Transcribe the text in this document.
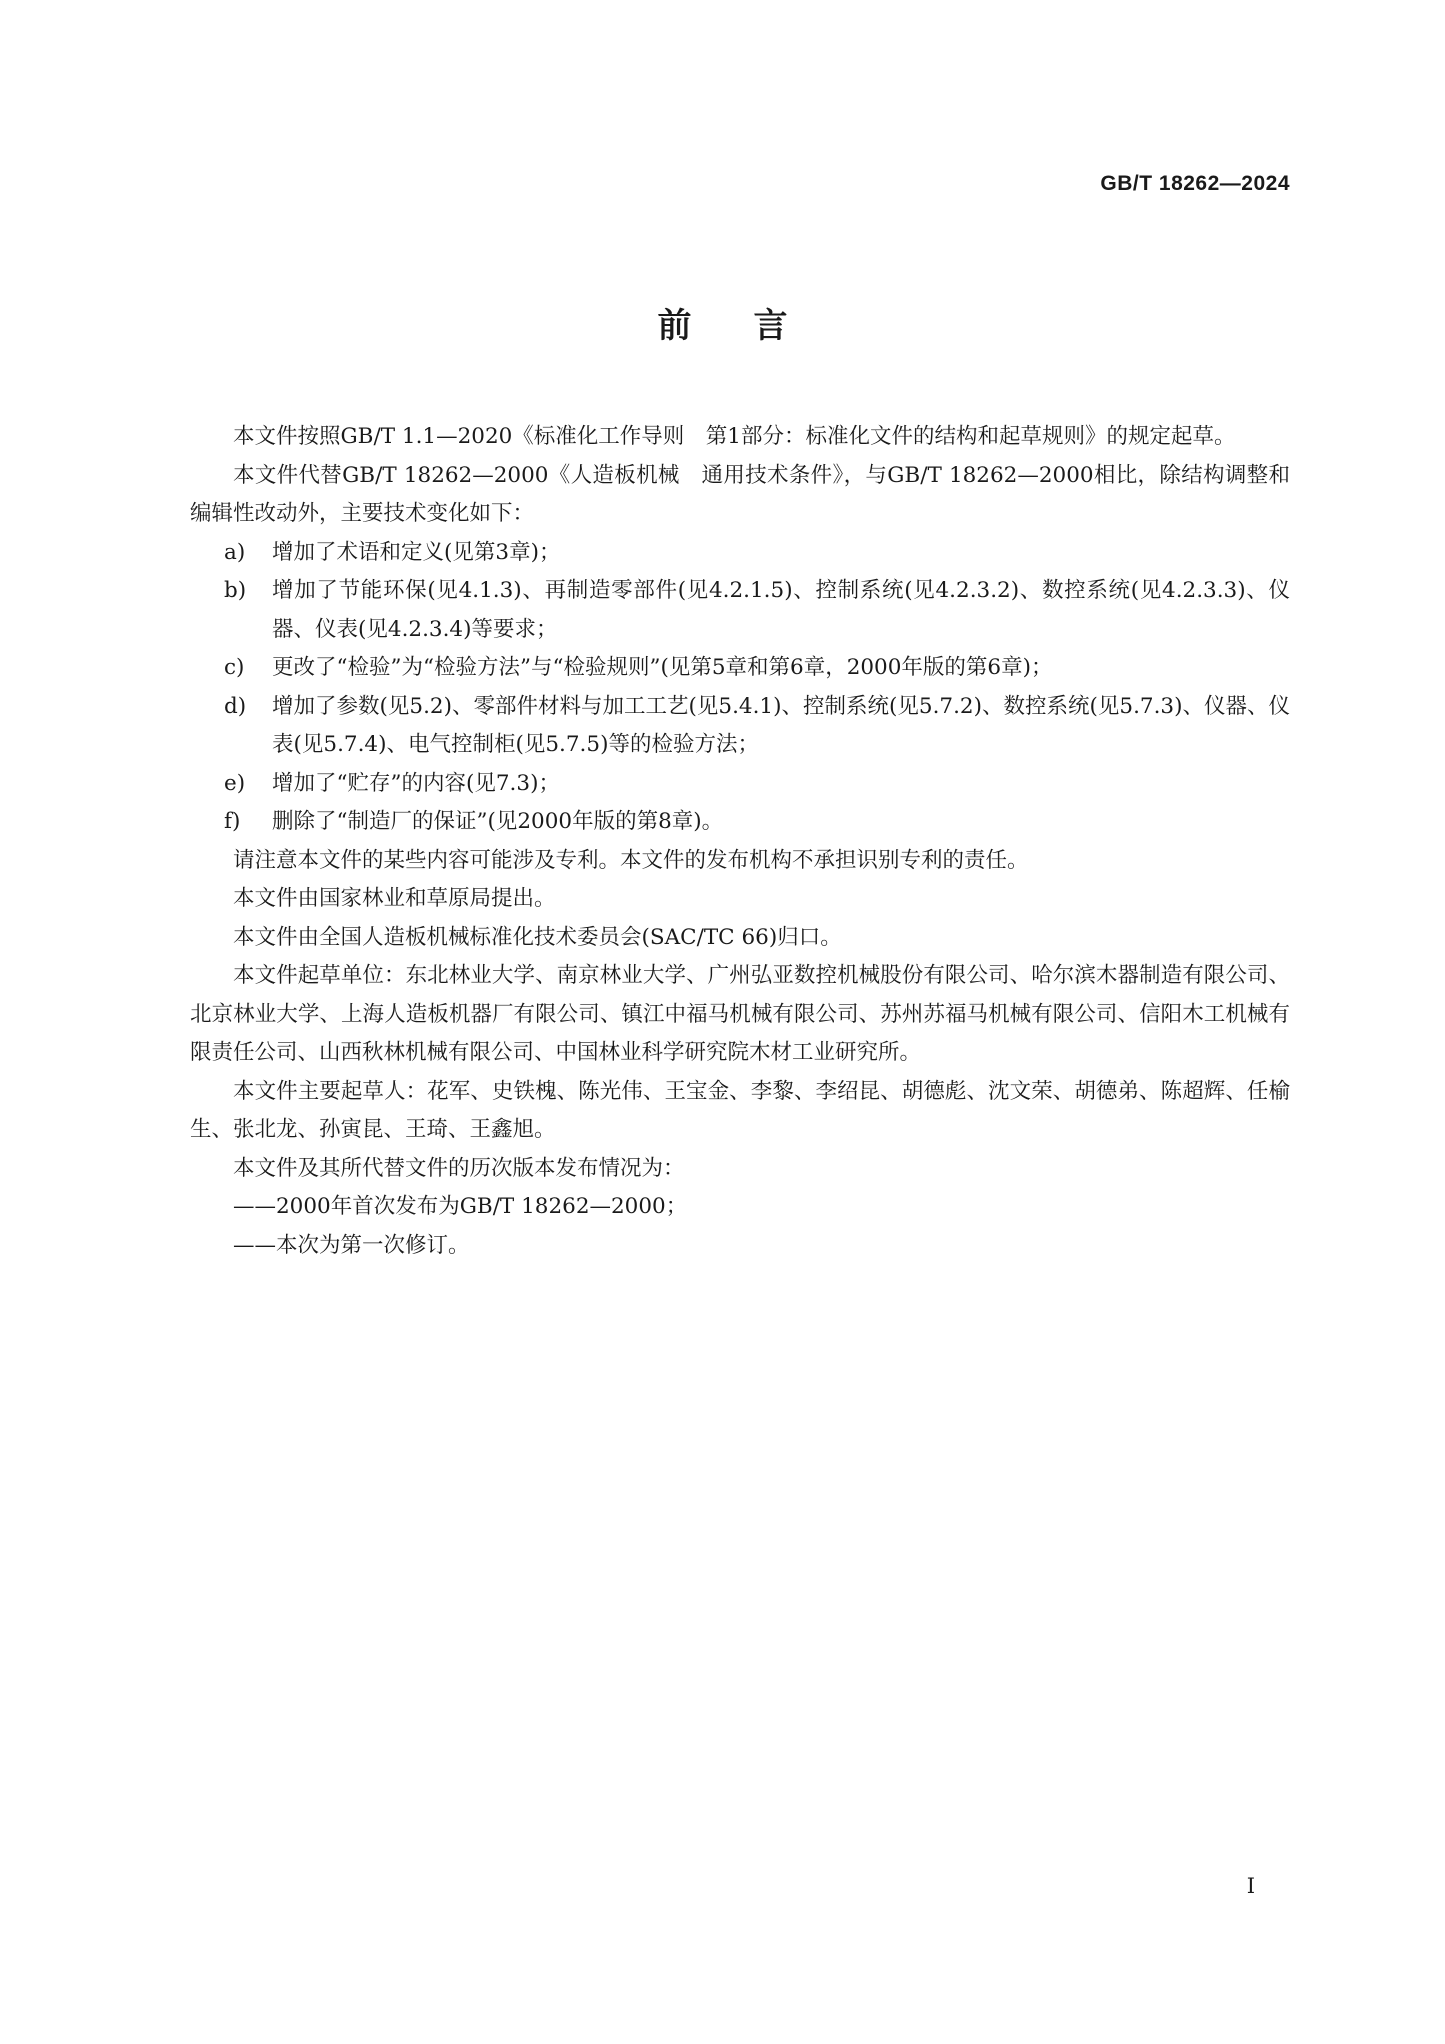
GB/T 18262—2024
前言

本文件按照GB/T 1.1—2020《标准化工作导则　第1部分：标准化文件的结构和起草规则》的规定起草。

本文件代替GB/T 18262—2000《人造板机械　通用技术条件》，与GB/T 18262—2000相比，除结构调整和编辑性改动外，主要技术变化如下：

a) 增加了术语和定义(见第3章)；
b) 增加了节能环保(见4.1.3)、再制造零部件(见4.2.1.5)、控制系统(见4.2.3.2)、数控系统(见4.2.3.3)、仪器、仪表(见4.2.3.4)等要求；
c) 更改了“检验”为“检验方法”与“检验规则”(见第5章和第6章，2000年版的第6章)；
d) 增加了参数(见5.2)、零部件材料与加工工艺(见5.4.1)、控制系统(见5.7.2)、数控系统(见5.7.3)、仪器、仪表(见5.7.4)、电气控制柜(见5.7.5)等的检验方法；
e) 增加了“贮存”的内容(见7.3)；
f) 删除了“制造厂的保证”(见2000年版的第8章)。

请注意本文件的某些内容可能涉及专利。本文件的发布机构不承担识别专利的责任。

本文件由国家林业和草原局提出。

本文件由全国人造板机械标准化技术委员会(SAC/TC 66)归口。

本文件起草单位：东北林业大学、南京林业大学、广州弘亚数控机械股份有限公司、哈尔滨木器制造有限公司、北京林业大学、上海人造板机器厂有限公司、镇江中福马机械有限公司、苏州苏福马机械有限公司、信阳木工机械有限责任公司、山西秋林机械有限公司、中国林业科学研究院木材工业研究所。

本文件主要起草人：花军、史铁槐、陈光伟、王宝金、李黎、李绍昆、胡德彪、沈文荣、胡德弟、陈超辉、任榆生、张北龙、孙寅昆、王琦、王鑫旭。

本文件及其所代替文件的历次版本发布情况为：

——2000年首次发布为GB/T 18262—2000；

——本次为第一次修订。

I
